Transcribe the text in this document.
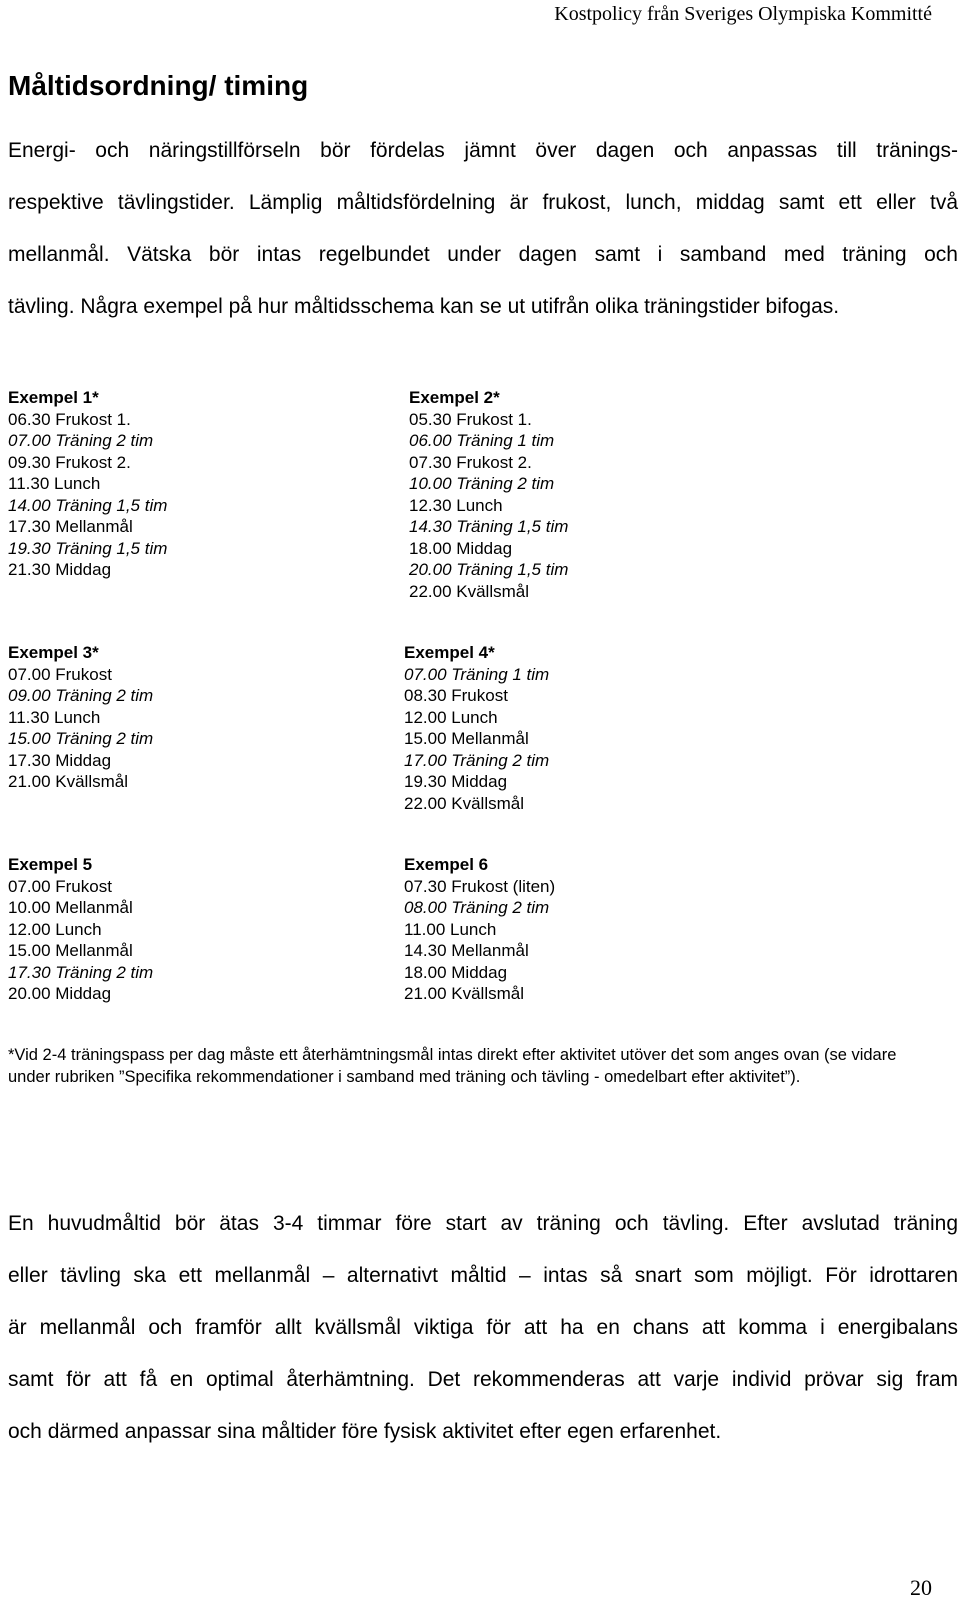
Kostpolicy från Sveriges Olympiska Kommitté
Måltidsordning/ timing
Energi- och näringstillförseln bör fördelas jämnt över dagen och anpassas till tränings-
respektive tävlingstider. Lämplig måltidsfördelning är frukost, lunch, middag samt ett eller två
mellanmål. Vätska bör intas regelbundet under dagen samt i samband med träning och
tävling. Några exempel på hur måltidsschema kan se ut utifrån olika träningstider bifogas.
Exempel 1*
06.30 Frukost 1.
07.00 Träning 2 tim
09.30 Frukost 2.
11.30 Lunch
14.00 Träning 1,5 tim
17.30 Mellanmål
19.30 Träning 1,5 tim
21.30 Middag
Exempel 2*
05.30 Frukost 1.
06.00 Träning 1 tim
07.30 Frukost 2.
10.00 Träning 2 tim
12.30 Lunch
14.30 Träning 1,5 tim
18.00 Middag
20.00 Träning 1,5 tim
22.00 Kvällsmål
Exempel 3*
07.00 Frukost
09.00 Träning 2 tim
11.30 Lunch
15.00 Träning 2 tim
17.30 Middag
21.00 Kvällsmål
Exempel 4*
07.00 Träning 1 tim
08.30 Frukost
12.00 Lunch
15.00 Mellanmål
17.00 Träning 2 tim
19.30 Middag
22.00 Kvällsmål
Exempel 5
07.00 Frukost
10.00 Mellanmål
12.00 Lunch
15.00 Mellanmål
17.30 Träning 2 tim
20.00 Middag
Exempel 6
07.30 Frukost (liten)
08.00 Träning 2 tim
11.00 Lunch
14.30 Mellanmål
18.00 Middag
21.00 Kvällsmål
*Vid 2-4 träningspass per dag måste ett återhämtningsmål intas direkt efter aktivitet utöver det som anges ovan (se vidare under rubriken ”Specifika rekommendationer i samband med träning och tävling - omedelbart efter aktivitet”).
En huvudmåltid bör ätas 3-4 timmar före start av träning och tävling. Efter avslutad träning
eller tävling ska ett mellanmål – alternativt måltid – intas så snart som möjligt. För idrottaren
är mellanmål och framför allt kvällsmål viktiga för att ha en chans att komma i energibalans
samt för att få en optimal återhämtning. Det rekommenderas att varje individ prövar sig fram
och därmed anpassar sina måltider före fysisk aktivitet efter egen erfarenhet.
20
